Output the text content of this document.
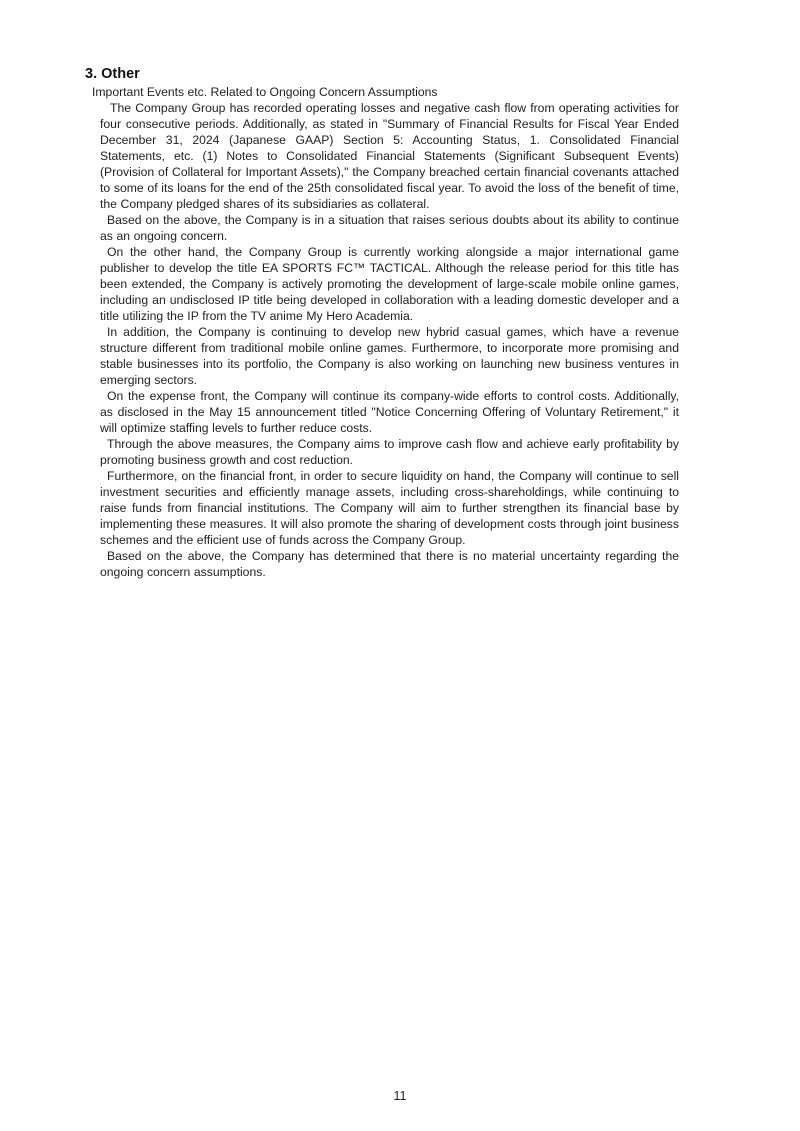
3. Other
Important Events etc. Related to Ongoing Concern Assumptions

The Company Group has recorded operating losses and negative cash flow from operating activities for four consecutive periods. Additionally, as stated in "Summary of Financial Results for Fiscal Year Ended December 31, 2024 (Japanese GAAP) Section 5: Accounting Status, 1. Consolidated Financial Statements, etc. (1) Notes to Consolidated Financial Statements (Significant Subsequent Events) (Provision of Collateral for Important Assets)," the Company breached certain financial covenants attached to some of its loans for the end of the 25th consolidated fiscal year. To avoid the loss of the benefit of time, the Company pledged shares of its subsidiaries as collateral.

Based on the above, the Company is in a situation that raises serious doubts about its ability to continue as an ongoing concern.

On the other hand, the Company Group is currently working alongside a major international game publisher to develop the title EA SPORTS FC™ TACTICAL. Although the release period for this title has been extended, the Company is actively promoting the development of large-scale mobile online games, including an undisclosed IP title being developed in collaboration with a leading domestic developer and a title utilizing the IP from the TV anime My Hero Academia.

In addition, the Company is continuing to develop new hybrid casual games, which have a revenue structure different from traditional mobile online games. Furthermore, to incorporate more promising and stable businesses into its portfolio, the Company is also working on launching new business ventures in emerging sectors.

On the expense front, the Company will continue its company-wide efforts to control costs. Additionally, as disclosed in the May 15 announcement titled "Notice Concerning Offering of Voluntary Retirement," it will optimize staffing levels to further reduce costs.

Through the above measures, the Company aims to improve cash flow and achieve early profitability by promoting business growth and cost reduction.

Furthermore, on the financial front, in order to secure liquidity on hand, the Company will continue to sell investment securities and efficiently manage assets, including cross-shareholdings, while continuing to raise funds from financial institutions. The Company will aim to further strengthen its financial base by implementing these measures. It will also promote the sharing of development costs through joint business schemes and the efficient use of funds across the Company Group.

Based on the above, the Company has determined that there is no material uncertainty regarding the ongoing concern assumptions.

11
